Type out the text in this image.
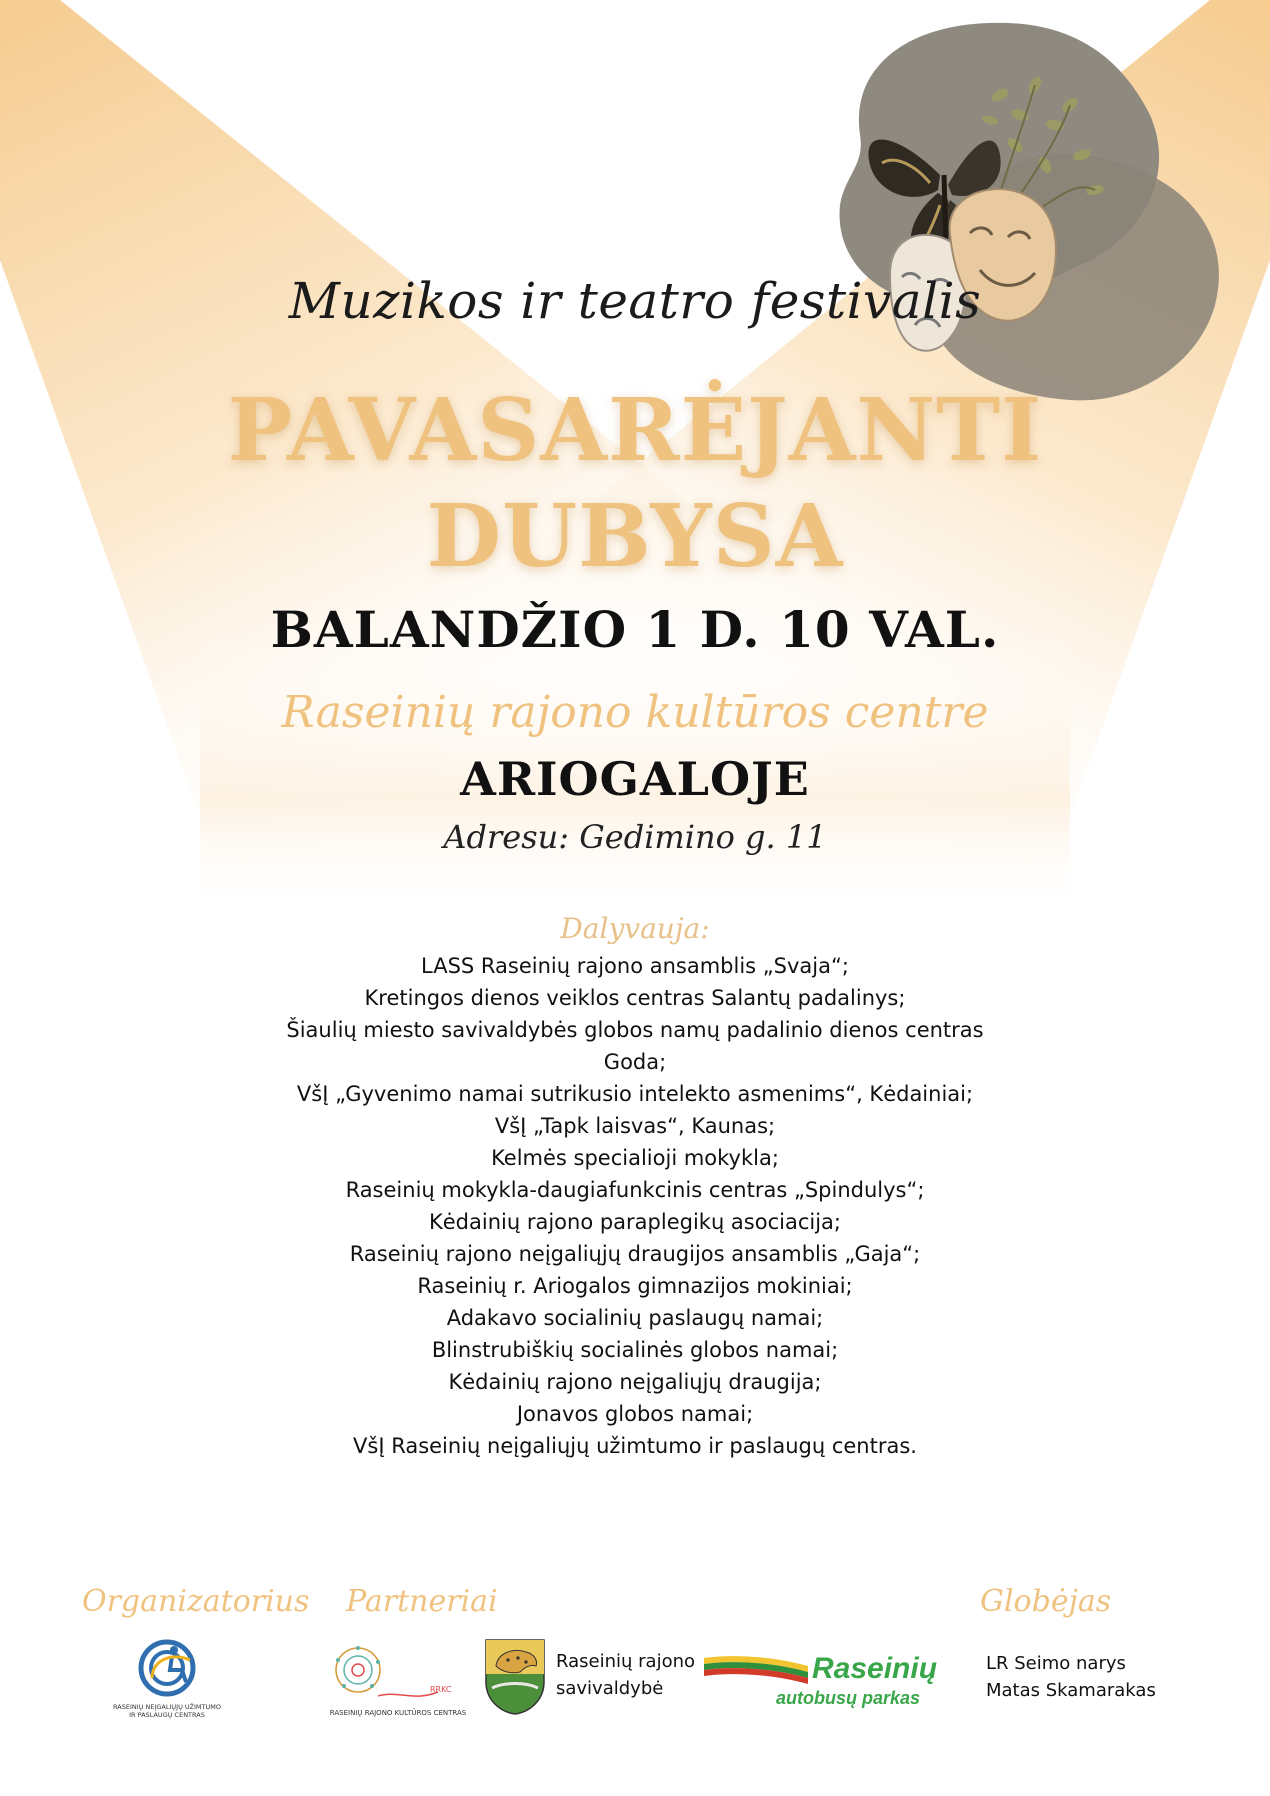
Muzikos ir teatro festivalis
PAVASARĖJANTI
DUBYSA
BALANDŽIO 1 D. 10 VAL.
Raseinių rajono kultūros centre
ARIOGALOJE
Adresu: Gedimino g. 11
Dalyvauja:
LASS Raseinių rajono ansamblis „Svaja“;
Kretingos dienos veiklos centras Salantų padalinys;
Šiaulių miesto savivaldybės globos namų padalinio dienos centras
Goda;
VšĮ „Gyvenimo namai sutrikusio intelekto asmenims“, Kėdainiai;
VšĮ „Tapk laisvas“, Kaunas;
Kelmės specialioji mokykla;
Raseinių mokykla-daugiafunkcinis centras „Spindulys“;
Kėdainių rajono paraplegikų asociacija;
Raseinių rajono neįgaliųjų draugijos ansamblis „Gaja“;
Raseinių r. Ariogalos gimnazijos mokiniai;
Adakavo socialinių paslaugų namai;
Blinstrubiškių socialinės globos namai;
Kėdainių rajono neįgaliųjų draugija;
Jonavos globos namai;
VšĮ Raseinių neįgaliųjų užimtumo ir paslaugų centras.
Organizatorius Partneriai	Globėjas
RASEINIŲ NEĮGALIŲJŲ UŽIMTUMO
IR PASLAUGŲ CENTRAS
RRKC
RASEINIŲ RAJONO KULTŪROS CENTRAS
Raseinių rajono
savivaldybė
Raseinių
autobusų parkas
LR Seimo narys
Matas Skamarakas
